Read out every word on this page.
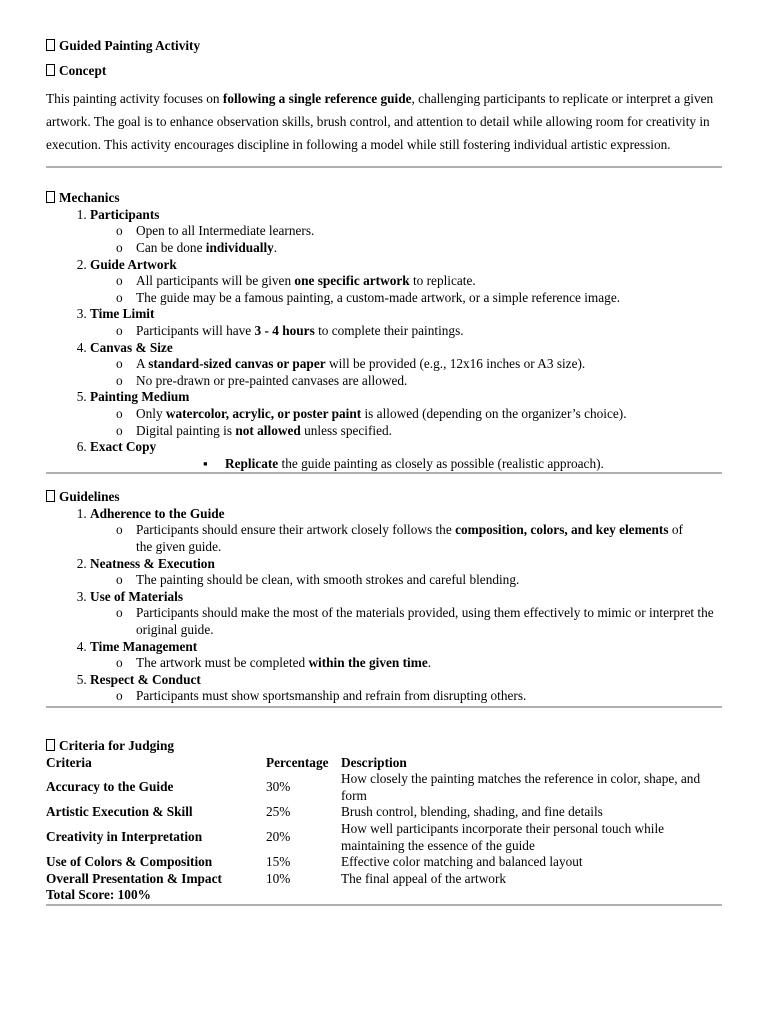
Guided Painting Activity

Concept

This painting activity focuses on following a single reference guide, challenging participants to replicate or interpret a given artwork. The goal is to enhance observation skills, brush control, and attention to detail while allowing room for creativity in execution. This activity encourages discipline in following a model while still fostering individual artistic expression.

Mechanics

1. Participants
o Open to all Intermediate learners.
o Can be done individually.
2. Guide Artwork
o All participants will be given one specific artwork to replicate.
o The guide may be a famous painting, a custom-made artwork, or a simple reference image.
3. Time Limit
o Participants will have 3 - 4 hours to complete their paintings.
4. Canvas & Size
o A standard-sized canvas or paper will be provided (e.g., 12x16 inches or A3 size).
o No pre-drawn or pre-painted canvases are allowed.
5. Painting Medium
o Only watercolor, acrylic, or poster paint is allowed (depending on the organizer’s choice).
o Digital painting is not allowed unless specified.
6. Exact Copy
▪ Replicate the guide painting as closely as possible (realistic approach).

Guidelines

1. Adherence to the Guide
o Participants should ensure their artwork closely follows the composition, colors, and key elements of the given guide.
2. Neatness & Execution
o The painting should be clean, with smooth strokes and careful blending.
3. Use of Materials
o Participants should make the most of the materials provided, using them effectively to mimic or interpret the original guide.
4. Time Management
o The artwork must be completed within the given time.
5. Respect & Conduct
o Participants must show sportsmanship and refrain from disrupting others.

Criteria for Judging

Criteria	Percentage	Description
Accuracy to the Guide	30%	How closely the painting matches the reference in color, shape, and form
Artistic Execution & Skill	25%	Brush control, blending, shading, and fine details
Creativity in Interpretation	20%	How well participants incorporate their personal touch while maintaining the essence of the guide
Use of Colors & Composition	15%	Effective color matching and balanced layout
Overall Presentation & Impact	10%	The final appeal of the artwork
Total Score: 100%		
